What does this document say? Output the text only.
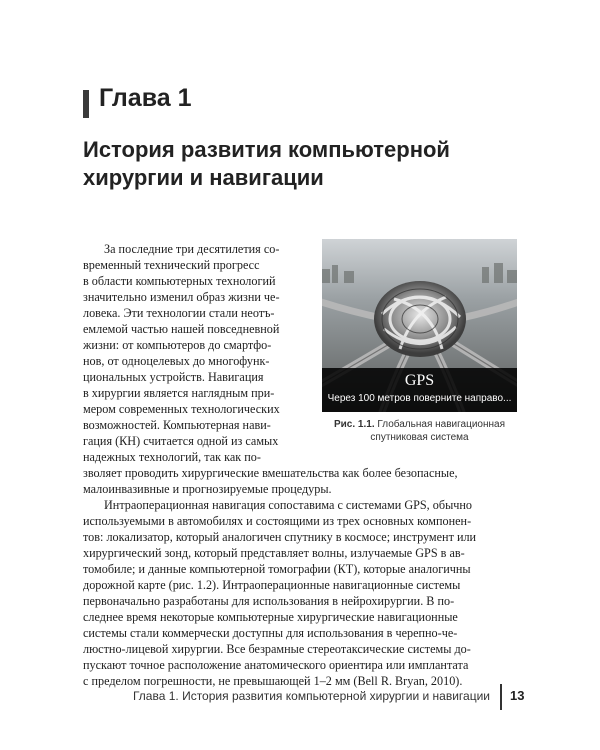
Глава 1
История развития компьютерной
хирургии и навигации
GPS
Через 100 метров поверните направо...
Рис. 1.1. Глобальная навигационная спутниковая система
За последние три десятилетия со-
временный технический прогресс
в области компьютерных технологий
значительно изменил образ жизни че-
ловека. Эти технологии стали неотъ-
емлемой частью нашей повседневной
жизни: от компьютеров до смартфо-
нов, от одноцелевых до многофунк-
циональных устройств. Навигация
в хирургии является наглядным при-
мером современных технологических
возможностей. Компьютерная нави-
гация (КН) считается одной из самых
надежных технологий, так как по-
зволяет проводить хирургические вмешательства как более безопасные,
малоинвазивные и прогнозируемые процедуры.
Интраоперационная навигация сопоставима с системами GPS, обычно
используемыми в автомобилях и состоящими из трех основных компонен-
тов: локализатор, который аналогичен спутнику в космосе; инструмент или
хирургический зонд, который представляет волны, излучаемые GPS в ав-
томобиле; и данные компьютерной томографии (КТ), которые аналогичны
дорожной карте (рис. 1.2). Интраоперационные навигационные системы
первоначально разработаны для использования в нейрохирургии. В по-
следнее время некоторые компьютерные хирургические навигационные
системы стали коммерчески доступны для использования в черепно-че-
люстно-лицевой хирургии. Все безрамные стереотаксические системы до-
пускают точное расположение анатомического ориентира или имплантата
с пределом погрешности, не превышающей 1–2 мм (Bell R. Bryan, 2010).
Глава 1. История развития компьютерной хирургии и навигации 13
